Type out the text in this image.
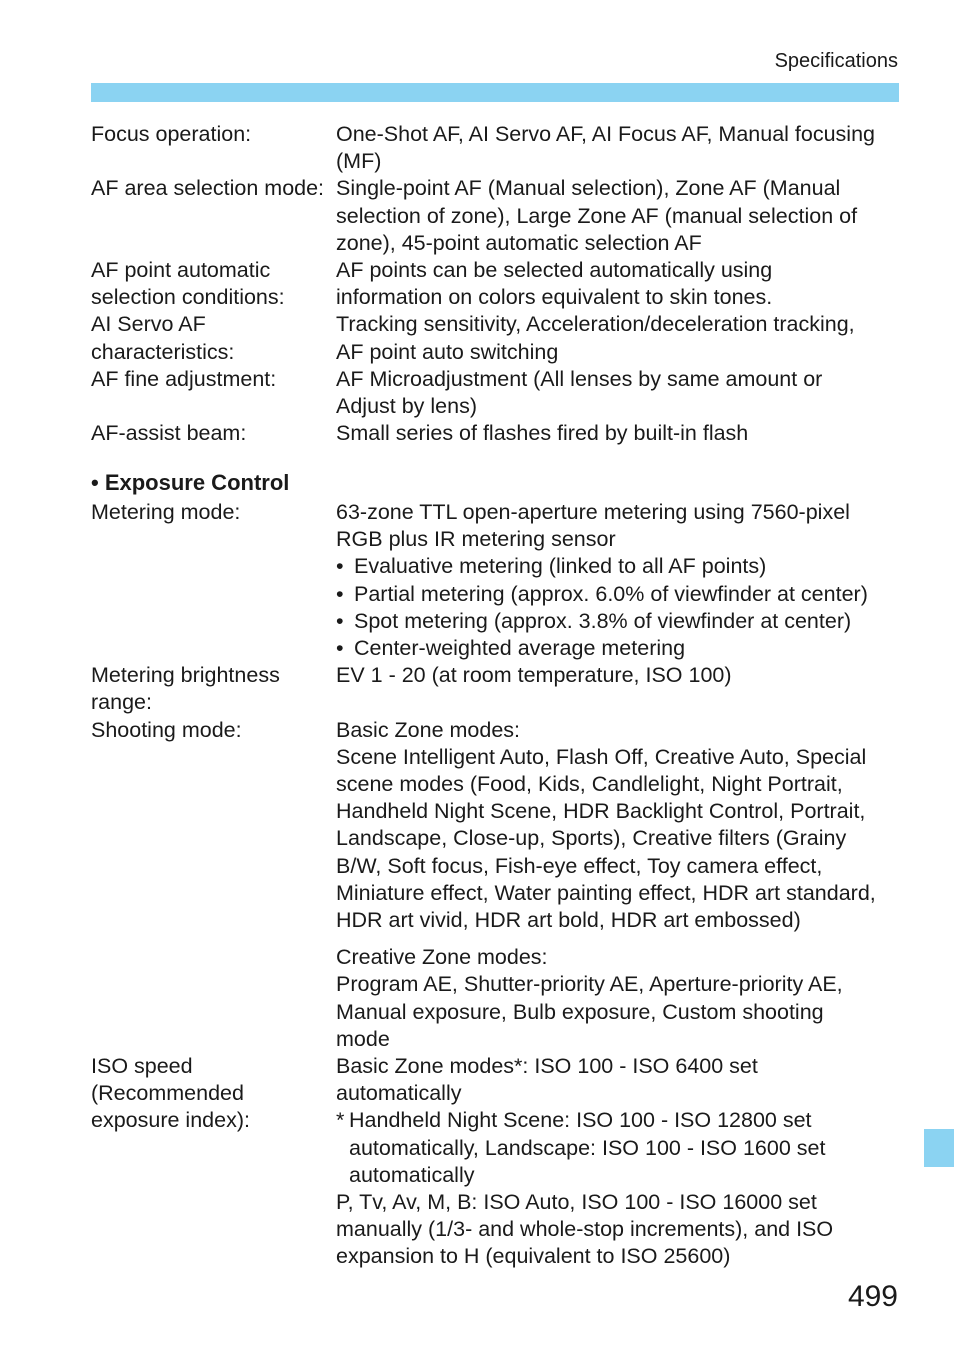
Specifications
Focus operation:	One-Shot AF, AI Servo AF, AI Focus AF, Manual focusing
(MF)
AF area selection mode: Single-point AF (Manual selection), Zone AF (Manual
selection of zone), Large Zone AF (manual selection of
zone), 45-point automatic selection AF
AF point automatic
selection conditions:
AF points can be selected automatically using
information on colors equivalent to skin tones.
AI Servo AF
characteristics:
Tracking sensitivity, Acceleration/deceleration tracking,
AF point auto switching
AF fine adjustment:	AF Microadjustment (All lenses by same amount or
Adjust by lens)
AF-assist beam:	Small series of flashes fired by built-in flash
• Exposure Control
Metering mode:	63-zone TTL open-aperture metering using 7560-pixel
RGB plus IR metering sensor
• Evaluative metering (linked to all AF points)
• Partial metering (approx. 6.0% of viewfinder at center)
• Spot metering (approx. 3.8% of viewfinder at center)
• Center-weighted average metering
Metering brightness
range:
EV 1 - 20 (at room temperature, ISO 100)
Shooting mode:	Basic Zone modes:
Scene Intelligent Auto, Flash Off, Creative Auto, Special
scene modes (Food, Kids, Candlelight, Night Portrait,
Handheld Night Scene, HDR Backlight Control, Portrait,
Landscape, Close-up, Sports), Creative filters (Grainy
B/W, Soft focus, Fish-eye effect, Toy camera effect,
Miniature effect, Water painting effect, HDR art standard,
HDR art vivid, HDR art bold, HDR art embossed)
Creative Zone modes:
Program AE, Shutter-priority AE, Aperture-priority AE,
Manual exposure, Bulb exposure, Custom shooting
mode
ISO speed
(Recommended
exposure index):
Basic Zone modes*: ISO 100 - ISO 6400 set
automatically
* Handheld Night Scene: ISO 100 - ISO 12800 set
automatically, Landscape: ISO 100 - ISO 1600 set
automatically
P, Tv, Av, M, B: ISO Auto, ISO 100 - ISO 16000 set
manually (1/3- and whole-stop increments), and ISO
expansion to H (equivalent to ISO 25600)
499
